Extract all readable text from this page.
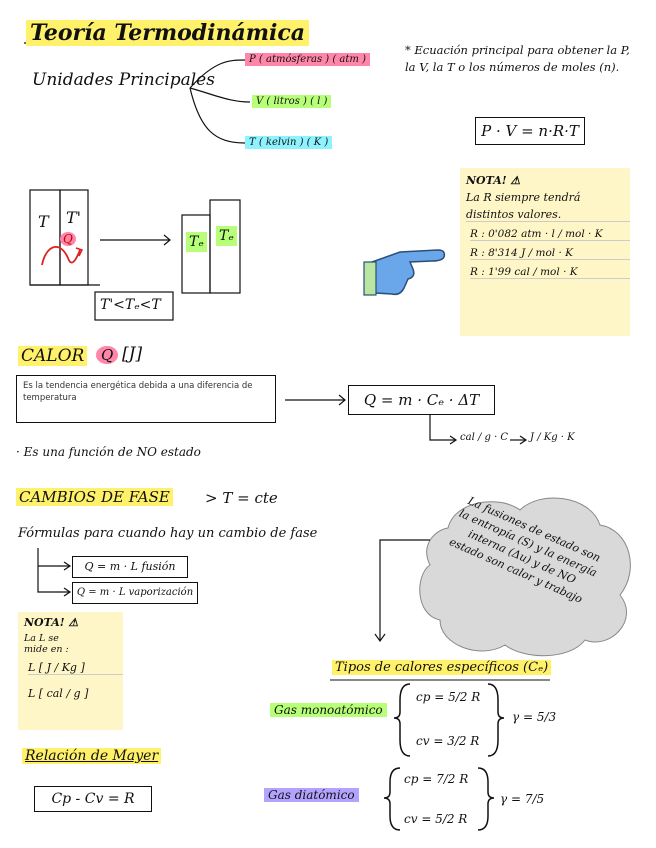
Teoría Termodinámica
Unidades Principales
P ( atmósferas ) ( atm )
V ( litros ) ( l )
T ( kelvin ) ( K )
* Ecuación principal para obtener la P, la V, la T o los números de moles (n).
P · V = n·R·T
T T'
Q	Tₑ Tₑ
T'<Tₑ<T
NOTA! ⚠
La R siempre tendrá
distintos valores.
R : 0'082 atm · l / mol · K
R : 8'314 J / mol · K
R : 1'99 cal / mol · K
CALOR	Q [J]
Es la tendencia energética debida a una diferencia de temperatura	Q = m · Cₑ · ΔT
cal / g · C J / Kg · K
· Es una función de NO estado
CAMBIOS DE FASE > T = cte
Fórmulas para cuando hay un cambio de fase
Q = m · L fusión
Q = m · L vaporización
NOTA! ⚠
La L se mide en :
L [ J / Kg ]
L [ cal / g ]
La fusiones de estado son la entropía (S) y la energía interna (Δu) y de NO estado son calor y trabajo
Tipos de calores específicos (Cₑ)
Gas monoatómico
cp = 5/2 R
cv = 3/2 R
γ = 5/3
Gas diatómico
cp = 7/2 R
cv = 5/2 R
γ = 7/5
Relación de Mayer
Cp - Cv = R
